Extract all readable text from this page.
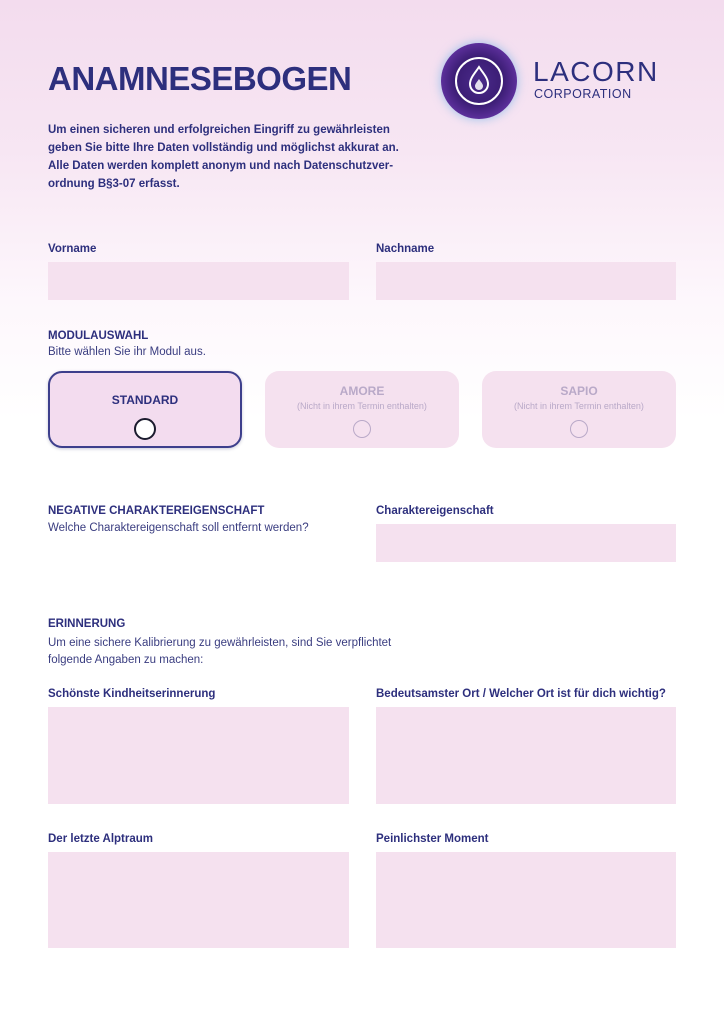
ANAMNESEBOGEN
Um einen sicheren und erfolgreichen Eingriff zu gewährleisten
geben Sie bitte Ihre Daten vollständig und möglichst akkurat an.
Alle Daten werden komplett anonym und nach Datenschutzver-
ordnung B§3-07 erfasst.
LACORN
CORPORATION
Vorname	Nachname
MODULAUSWAHL
Bitte wählen Sie ihr Modul aus.
STANDARD
AMORE
(Nicht in ihrem Termin enthalten)
SAPIO
(Nicht in ihrem Termin enthalten)
NEGATIVE CHARAKTEREIGENSCHAFT
Welche Charaktereigenschaft soll entfernt werden?
Charaktereigenschaft
ERINNERUNG
Um eine sichere Kalibrierung zu gewährleisten, sind Sie verpflichtet
folgende Angaben zu machen:
Schönste Kindheitserinnerung	Bedeutsamster Ort / Welcher Ort ist für dich wichtig?
Der letzte Alptraum	Peinlichster Moment
